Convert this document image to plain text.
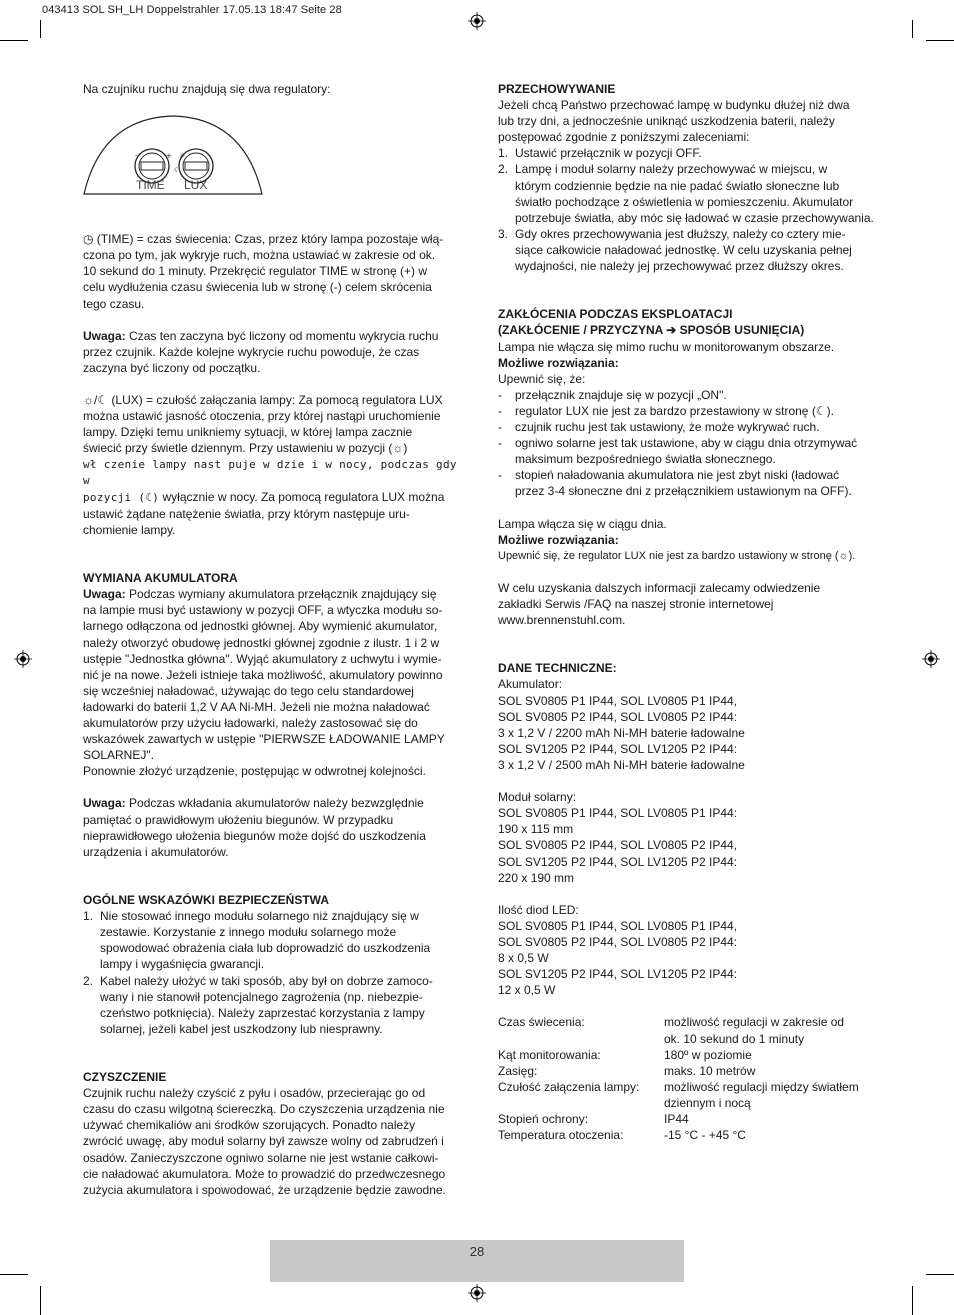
043413 SOL SH_LH Doppelstrahler 17.05.13 18:47 Seite 28

Na czujniku ruchu znajdują się dwa regulatory:

◷ (TIME) = czas świecenia: Czas, przez który lampa pozostaje włą-

czona po tym, jak wykryje ruch, można ustawiać w zakresie od ok.

10 sekund do 1 minuty. Przekręcić regulator TIME w stronę (+) w

celu wydłużenia czasu świecenia lub w stronę (-) celem skrócenia

tego czasu.

Uwaga: Czas ten zaczyna być liczony od momentu wykrycia ruchu

przez czujnik. Każde kolejne wykrycie ruchu powoduje, że czas

zaczyna być liczony od początku.

☼/☾ (LUX) = czułość załączania lampy: Za pomocą regulatora LUX

można ustawić jasność otoczenia, przy której nastąpi uruchomienie

lampy. Dzięki temu unikniemy sytuacji, w której lampa zacznie

świecić przy świetle dziennym. Przy ustawieniu w pozycji (☼)

wł czenie lampy nast puje w dzie i w nocy, podczas gdy w

pozycji (☾) wyłącznie w nocy. Za pomocą regulatora LUX można

ustawić żądane natężenie światła, przy którym następuje uru-

chomienie lampy.

WYMIANA AKUMULATORA

Uwaga: Podczas wymiany akumulatora przełącznik znajdujący się

na lampie musi być ustawiony w pozycji OFF, a wtyczka modułu so-

larnego odłączona od jednostki głównej. Aby wymienić akumulator,

należy otworzyć obudowę jednostki głównej zgodnie z ilustr. 1 i 2 w

ustępie "Jednostka główna". Wyjąć akumulatory z uchwytu i wymie-

nić je na nowe. Jeżeli istnieje taka możliwość, akumulatory powinno

się wcześniej naładować, używając do tego celu standardowej

ładowarki do baterii 1,2 V AA Ni-MH. Jeżeli nie można naładować

akumulatorów przy użyciu ładowarki, należy zastosować się do

wskazówek zawartych w ustępie "PIERWSZE ŁADOWANIE LAMPY

SOLARNEJ".

Ponownie złożyć urządzenie, postępując w odwrotnej kolejności.

Uwaga: Podczas wkładania akumulatorów należy bezwzględnie

pamiętać o prawidłowym ułożeniu biegunów. W przypadku

nieprawidłowego ułożenia biegunów może dojść do uszkodzenia

urządzenia i akumulatorów.

OGÓLNE WSKAZÓWKI BEZPIECZEŃSTWA

1. Nie stosować innego modułu solarnego niż znajdujący się w

zestawie. Korzystanie z innego modułu solarnego może

spowodować obrażenia ciała lub doprowadzić do uszkodzenia

lampy i wygaśnięcia gwarancji.

2. Kabel należy ułożyć w taki sposób, aby był on dobrze zamoco-

wany i nie stanowił potencjalnego zagrożenia (np. niebezpie-

czeństwo potknięcia). Należy zaprzestać korzystania z lampy

solarnej, jeżeli kabel jest uszkodzony lub niesprawny.

CZYSZCZENIE

Czujnik ruchu należy czyścić z pyłu i osadów, przecierając go od

czasu do czasu wilgotną ściereczką. Do czyszczenia urządzenia nie

używać chemikaliów ani środków szorujących. Ponadto należy

zwrócić uwagę, aby moduł solarny był zawsze wolny od zabrudzeń i

osadów. Zanieczyszczone ogniwo solarne nie jest wstanie całkowi-

cie naładować akumulatora. Może to prowadzić do przedwczesnego

zużycia akumulatora i spowodować, że urządzenie będzie zawodne.

-	+
☾
☼
TIME LUX

PRZECHOWYWANIE

Jeżeli chcą Państwo przechować lampę w budynku dłużej niż dwa

lub trzy dni, a jednocześnie uniknąć uszkodzenia baterii, należy

postępować zgodnie z poniższymi zaleceniami:

1. Ustawić przełącznik w pozycji OFF.

2. Lampę i moduł solarny należy przechowywać w miejscu, w

którym codziennie będzie na nie padać światło słoneczne lub

światło pochodzące z oświetlenia w pomieszczeniu. Akumulator

potrzebuje światła, aby móc się ładować w czasie przechowywania.

3. Gdy okres przechowywania jest dłuższy, należy co cztery mie-

siące całkowicie naładować jednostkę. W celu uzyskania pełnej

wydajności, nie należy jej przechowywać przez dłuższy okres.

ZAKŁÓCENIA PODCZAS EKSPLOATACJI

(ZAKŁÓCENIE / PRZYCZYNA ➔ SPOSÓB USUNIĘCIA)

Lampa nie włącza się mimo ruchu w monitorowanym obszarze.

Możliwe rozwiązania:

Upewnić się, że:

- przełącznik znajduje się w pozycji „ON".

- regulator LUX nie jest za bardzo przestawiony w stronę (☾).

- czujnik ruchu jest tak ustawiony, że może wykrywać ruch.

- ogniwo solarne jest tak ustawione, aby w ciągu dnia otrzymywać

maksimum bezpośredniego światła słonecznego.

- stopień naładowania akumulatora nie jest zbyt niski (ładować

przez 3-4 słoneczne dni z przełącznikiem ustawionym na OFF).

Lampa włącza się w ciągu dnia.

Możliwe rozwiązania:

Upewnić się, że regulator LUX nie jest za bardzo ustawiony w stronę (☼).

W celu uzyskania dalszych informacji zalecamy odwiedzenie

zakładki Serwis /FAQ na naszej stronie internetowej

www.brennenstuhl.com.

DANE TECHNICZNE:

Akumulator:

SOL SV0805 P1 IP44, SOL LV0805 P1 IP44,

SOL SV0805 P2 IP44, SOL LV0805 P2 IP44:

3 x 1,2 V / 2200 mAh Ni-MH baterie ładowalne

SOL SV1205 P2 IP44, SOL LV1205 P2 IP44:

3 x 1,2 V / 2500 mAh Ni-MH baterie ładowalne

Moduł solarny:

SOL SV0805 P1 IP44, SOL LV0805 P1 IP44:

190 x 115 mm

SOL SV0805 P2 IP44, SOL LV0805 P2 IP44,

SOL SV1205 P2 IP44, SOL LV1205 P2 IP44:

220 x 190 mm

Ilość diod LED:

SOL SV0805 P1 IP44, SOL LV0805 P1 IP44,

SOL SV0805 P2 IP44, SOL LV0805 P2 IP44:

8 x 0,5 W

SOL SV1205 P2 IP44, SOL LV1205 P2 IP44:

12 x 0,5 W

Czas świecenia:	możliwość regulacji w zakresie od

ok. 10 sekund do 1 minuty

Kąt monitorowania:	180º w poziomie

Zasięg:	maks. 10 metrów

Czułość załączenia lampy:	możliwość regulacji między światłem

dziennym i nocą

Stopień ochrony:	IP44

Temperatura otoczenia:	-15 °C - +45 °C

28
